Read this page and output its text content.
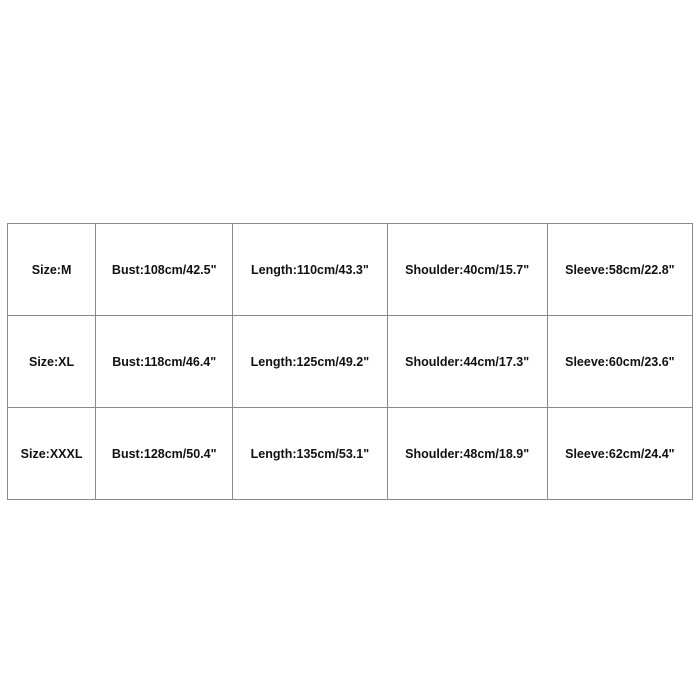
Size:M	Bust:108cm/42.5"	Length:110cm/43.3"	Shoulder:40cm/15.7"	Sleeve:58cm/22.8"
Size:XL	Bust:118cm/46.4"	Length:125cm/49.2"	Shoulder:44cm/17.3"	Sleeve:60cm/23.6"
Size:XXXL	Bust:128cm/50.4"	Length:135cm/53.1"	Shoulder:48cm/18.9"	Sleeve:62cm/24.4"
